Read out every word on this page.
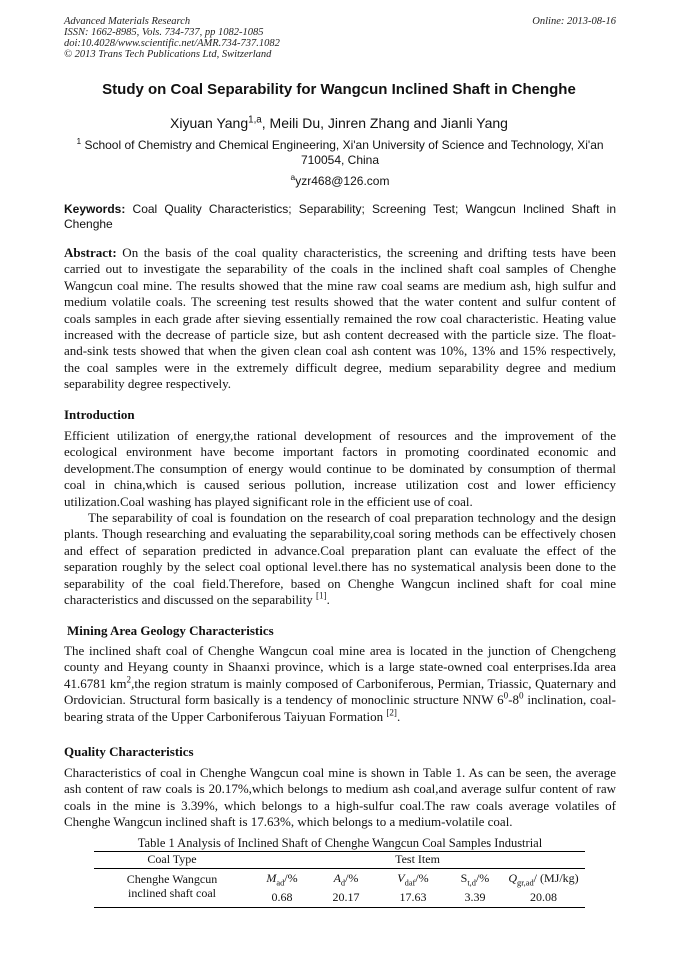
Advanced Materials Research
ISSN: 1662-8985, Vols. 734-737, pp 1082-1085
doi:10.4028/www.scientific.net/AMR.734-737.1082
© 2013 Trans Tech Publications Ltd, Switzerland
Online: 2013-08-16
Study on Coal Separability for Wangcun Inclined Shaft in Chenghe
Xiyuan Yang$^{1,a}$, Meili Du, Jinren Zhang and Jianli Yang
$^1$ School of Chemistry and Chemical Engineering, Xi'an University of Science and Technology, Xi'an 710054, China
$^a$yzr468@126.com
Keywords: Coal Quality Characteristics; Separability; Screening Test; Wangcun Inclined Shaft in Chenghe
Abstract: On the basis of the coal quality characteristics, the screening and drifting tests have been carried out to investigate the separability of the coals in the inclined shaft coal samples of Chenghe Wangcun coal mine. The results showed that the mine raw coal seams are medium ash, high sulfur and medium volatile coals. The screening test results showed that the water content and sulfur content of coals samples in each grade after sieving essentially remained the row coal characteristic. Heating value increased with the decrease of particle size, but ash content decreased with the particle size. The float-and-sink tests showed that when the given clean coal ash content was 10%, 13% and 15% respectively, the coal samples were in the extremely difficult degree, medium separability degree and medium separability degree respectively.
Introduction

Efficient utilization of energy,the rational development of resources and the improvement of the ecological environment have become important factors in promoting coordinated economic and development.The consumption of energy would continue to be dominated by consumption of thermal coal in china,which is caused serious pollution, increase utilization cost and lower efficiency utilization.Coal washing has played significant role in the efficient use of coal.

The separability of coal is foundation on the research of coal preparation technology and the design plants. Though researching and evaluating the separability,coal soring methods can be effectively chosen and effect of separation predicted in advance.Coal preparation plant can evaluate the effect of the separation roughly by the select coal optional level.there has no systematical analysis been done to the separability of the coal field.Therefore, based on Chenghe Wangcun inclined shaft for coal mine characteristics and discussed on the separability [1].

Mining Area Geology Characteristics
The inclined shaft coal of Chenghe Wangcun coal mine area is located in the junction of Chengcheng county and Heyang county in Shaanxi province, which is a large state-owned coal enterprises.Ida area 41.6781 $km^2,the$ region stratum is mainly composed of Carboniferous, Permian, Triassic, Quaternary and Ordovician. Structural form basically is a tendency of monoclinic structure NNW $6^0-8^0$ inclination, coal-bearing strata of the Upper Carboniferous Taiyuan Formation [2].
Quality Characteristics
Characteristics of coal in Chenghe Wangcun coal mine is shown in Table 1. As can be seen, the average ash content of raw coals is 20.17%,which belongs to medium ash coal,and average sulfur content of raw coals in the mine is 3.39%, which belongs to a high-sulfur coal.The raw coals average volatiles of Chenghe Wangcun inclined shaft is 17.63%, which belongs to a medium-volatile coal.
Table 1 Analysis of Inclined Shaft of Chenghe Wangcun Coal Samples Industrial
Coal Type	Test Item				

Chenghe Wangcun
inclined shaft coal	$M_{ad}/\%$	$A_d/\%$	$V_{daf}/\%$	$S_{t,d}/\%$	$Q_{gr,ad}/$ (MJ/kg)
	0.68	20.17	17.63	3.39	20.08
